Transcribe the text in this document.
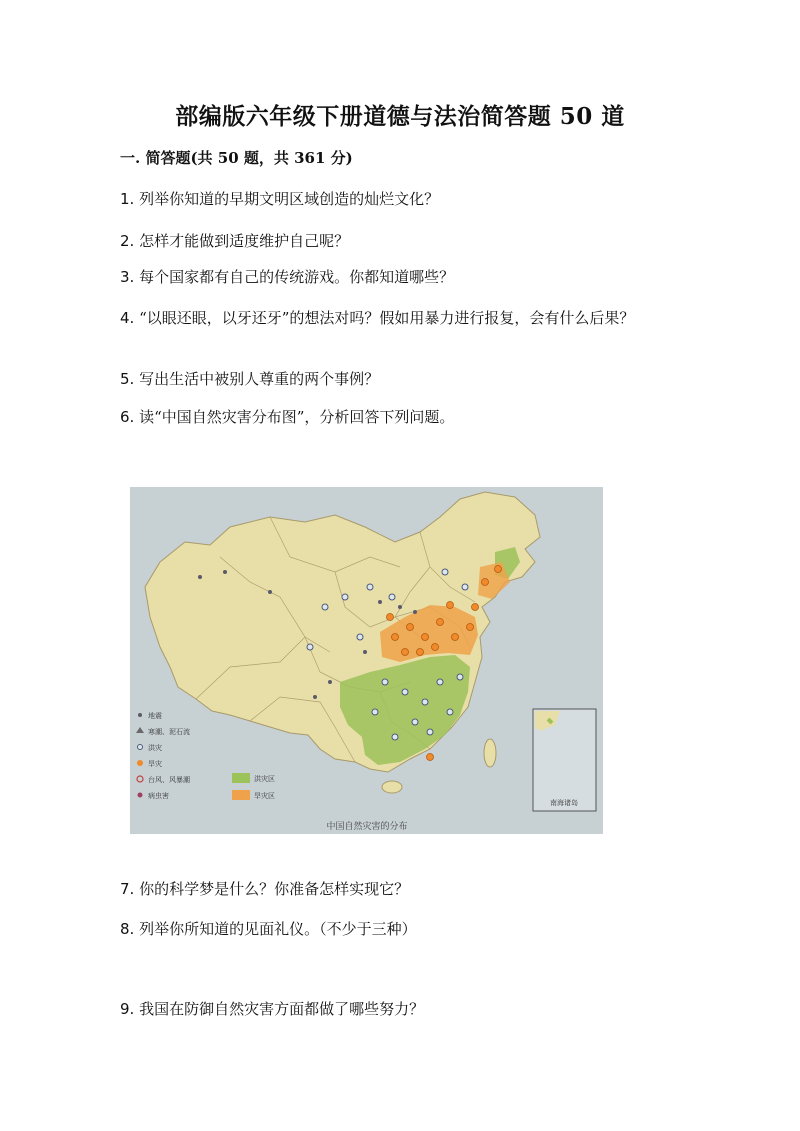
部编版六年级下册道德与法治简答题 50 道
一. 简答题(共 50 题，共 361 分)
1. 列举你知道的早期文明区域创造的灿烂文化？
2. 怎样才能做到适度维护自己呢？
3. 每个国家都有自己的传统游戏。你都知道哪些？
4. “以眼还眼，以牙还牙”的想法对吗？假如用暴力进行报复，会有什么后果？
5. 写出生活中被别人尊重的两个事例？
6. 读“中国自然灾害分布图”，分析回答下列问题。
南海诸岛
地震
寒潮、泥石流
洪灾
旱灾
台风、风暴潮
病虫害
洪灾区
旱灾区
中国自然灾害的分布
7. 你的科学梦是什么？你准备怎样实现它？
8. 列举你所知道的见面礼仪。（不少于三种）
9. 我国在防御自然灾害方面都做了哪些努力？
